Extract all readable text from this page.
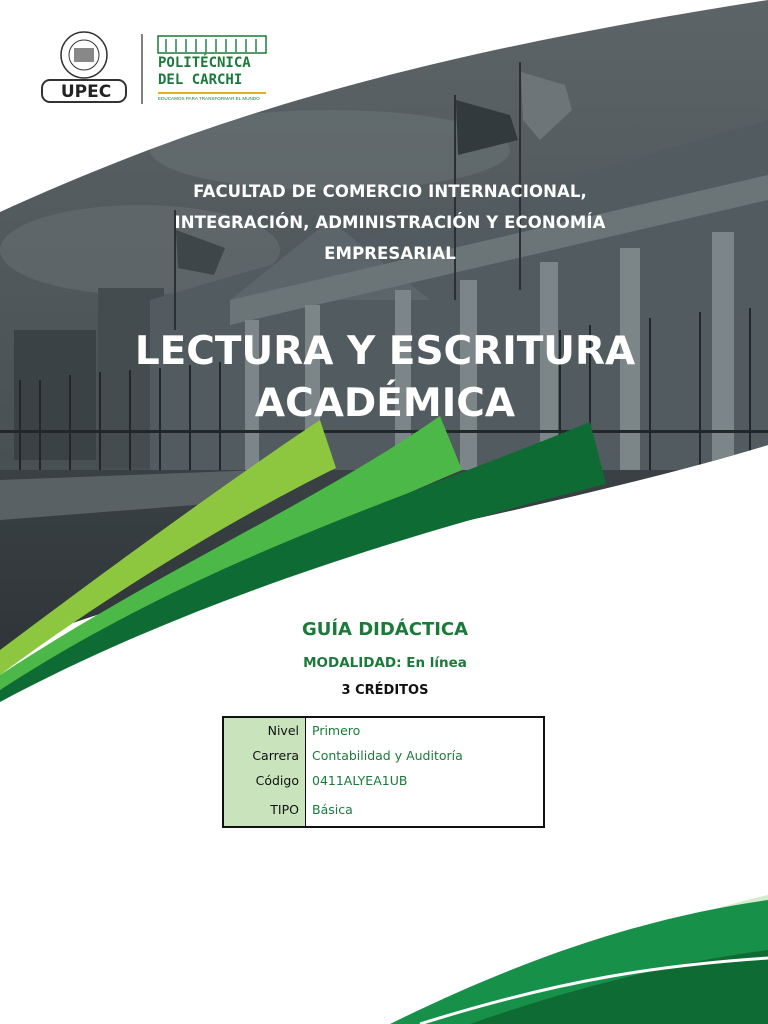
UPEC
POLITÉCNICA
DEL CARCHI
EDUCAMOS PARA TRANSFORMAR EL MUNDO
FACULTAD DE COMERCIO INTERNACIONAL,
INTEGRACIÓN, ADMINISTRACIÓN Y ECONOMÍA
EMPRESARIAL
LECTURA Y ESCRITURA
ACADÉMICA
GUÍA DIDÁCTICA
MODALIDAD: En línea
3 CRÉDITOS
Nivel	Primero
Carrera	Contabilidad y Auditoría
Código	0411ALYEA1UB
TIPO	Básica
